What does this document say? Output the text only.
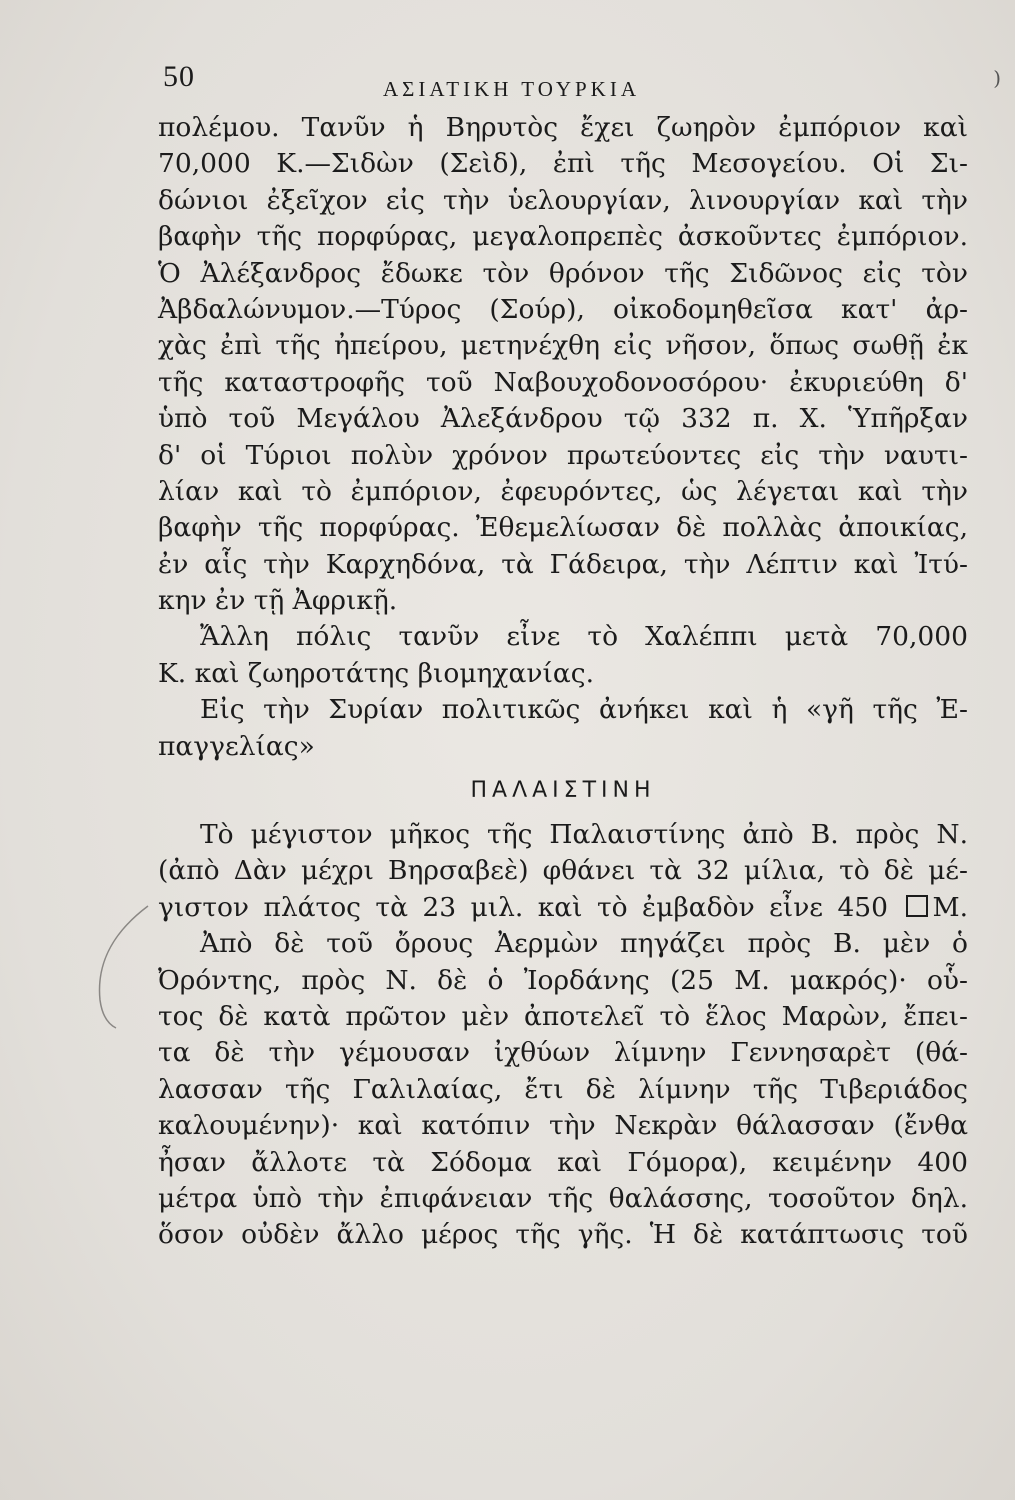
50	ΑΣΙΑΤΙΚΗ ΤΟΥΡΚΙΑ	)
πολέμου. Τανῦν ἡ Βηρυτὸς ἔχει ζωηρὸν ἐμπόριον καὶ
70,000 Κ.—Σιδὼν (Σεὶδ), ἐπὶ τῆς Μεσογείου. Οἱ Σι-
δώνιοι ἐξεῖχον εἰς τὴν ὑελουργίαν, λινουργίαν καὶ τὴν
βαφὴν τῆς πορφύρας, μεγαλοπρεπὲς ἀσκοῦντες ἐμπόριον.
Ὁ Ἀλέξανδρος ἔδωκε τὸν θρόνον τῆς Σιδῶνος εἰς τὸν
Ἀβδαλώνυμον.—Τύρος (Σούρ), οἰκοδομηθεῖσα κατ' ἀρ-
χὰς ἐπὶ τῆς ἠπείρου, μετηνέχθη εἰς νῆσον, ὅπως σωθῇ ἐκ
τῆς καταστροφῆς τοῦ Ναβουχοδονοσόρου· ἐκυριεύθη δ'
ὑπὸ τοῦ Μεγάλου Ἀλεξάνδρου τῷ 332 π. Χ. Ὑπῆρξαν
δ' οἱ Τύριοι πολὺν χρόνον πρωτεύοντες εἰς τὴν ναυτι-
λίαν καὶ τὸ ἐμπόριον, ἐφευρόντες, ὡς λέγεται καὶ τὴν
βαφὴν τῆς πορφύρας. Ἐθεμελίωσαν δὲ πολλὰς ἀποικίας,
ἐν αἷς τὴν Καρχηδόνα, τὰ Γάδειρα, τὴν Λέπτιν καὶ Ἰτύ-
κην ἐν τῇ Ἀφρικῇ.
Ἄλλη πόλις τανῦν εἶνε τὸ Χαλέππι μετὰ 70,000
Κ. καὶ ζωηροτάτης βιομηχανίας.
Εἰς τὴν Συρίαν πολιτικῶς ἀνήκει καὶ ἡ «γῆ τῆς Ἐ-
παγγελίας»
ΠΑΛΑΙΣΤΙΝΗ
Τὸ μέγιστον μῆκος τῆς Παλαιστίνης ἀπὸ Β. πρὸς Ν.
(ἀπὸ Δὰν μέχρι Βηρσαβεὲ) φθάνει τὰ 32 μίλια, τὸ δὲ μέ-
γιστον πλάτος τὰ 23 μιλ. καὶ τὸ ἐμβαδὸν εἶνε 450 Μ.
Ἀπὸ δὲ τοῦ ὄρους Ἀερμὼν πηγάζει πρὸς Β. μὲν ὁ
Ὀρόντης, πρὸς Ν. δὲ ὁ Ἰορδάνης (25 Μ. μακρός)· οὗ-
τος δὲ κατὰ πρῶτον μὲν ἀποτελεῖ τὸ ἕλος Μαρὼν, ἔπει-
τα δὲ τὴν γέμουσαν ἰχθύων λίμνην Γεννησαρὲτ (θά-
λασσαν τῆς Γαλιλαίας, ἔτι δὲ λίμνην τῆς Τιβεριάδος
καλουμένην)· καὶ κατόπιν τὴν Νεκρὰν θάλασσαν (ἔνθα
ἦσαν ἄλλοτε τὰ Σόδομα καὶ Γόμορα), κειμένην 400
μέτρα ὑπὸ τὴν ἐπιφάνειαν τῆς θαλάσσης, τοσοῦτον δηλ.
ὅσον οὐδὲν ἄλλο μέρος τῆς γῆς. Ἡ δὲ κατάπτωσις τοῦ
